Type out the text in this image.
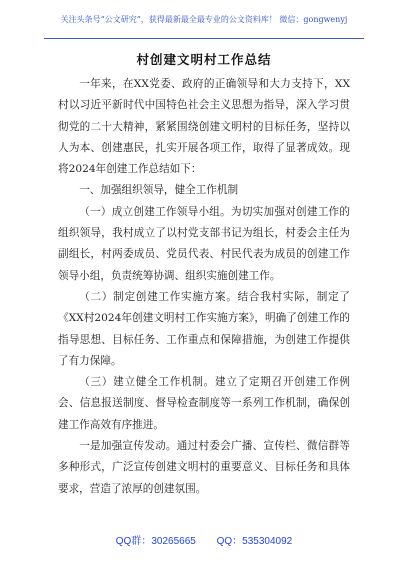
关注头条号“公文研究”，获得最新最全最专业的公文资料库！ 微信：gongwenyj
村创建文明村工作总结

一年来，在XX党委、政府的正确领导和大力支持下，XX村以习近平新时代中国特色社会主义思想为指导，深入学习贯彻党的二十大精神，紧紧围绕创建文明村的目标任务，坚持以人为本、创建惠民，扎实开展各项工作，取得了显著成效。现将2024年创建工作总结如下：

一、加强组织领导，健全工作机制

（一）成立创建工作领导小组。为切实加强对创建工作的组织领导，我村成立了以村党支部书记为组长，村委会主任为副组长，村两委成员、党员代表、村民代表为成员的创建工作领导小组，负责统筹协调、组织实施创建工作。

（二）制定创建工作实施方案。结合我村实际，制定了《XX村2024年创建文明村工作实施方案》，明确了创建工作的指导思想、目标任务、工作重点和保障措施，为创建工作提供了有力保障。

（三）建立健全工作机制。建立了定期召开创建工作例会、信息报送制度、督导检查制度等一系列工作机制，确保创建工作高效有序推进。

一是加强宣传发动。通过村委会广播、宣传栏、微信群等多种形式，广泛宣传创建文明村的重要意义、目标任务和具体要求，营造了浓厚的创建氛围。

QQ群：30265665 QQ：535304092
